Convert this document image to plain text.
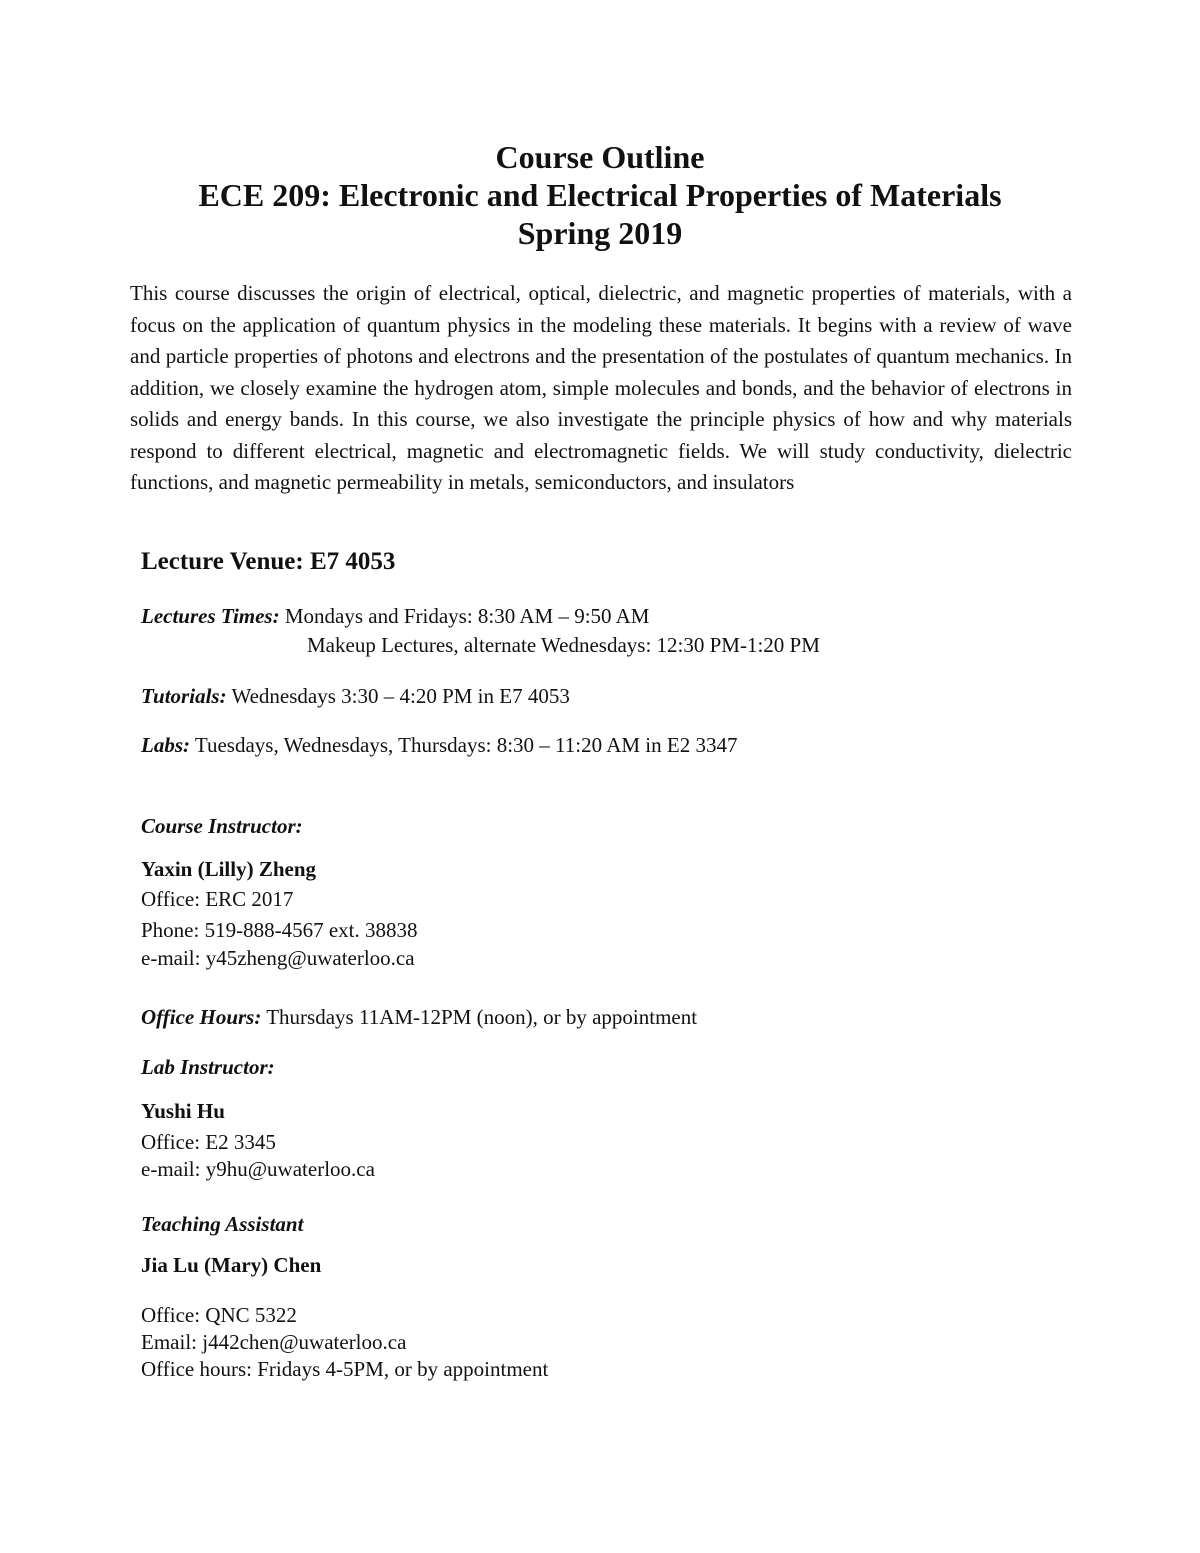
Course Outline
ECE 209: Electronic and Electrical Properties of Materials
Spring 2019
This course discusses the origin of electrical, optical, dielectric, and magnetic properties of materials, with a focus on the application of quantum physics in the modeling these materials. It begins with a review of wave and particle properties of photons and electrons and the presentation of the postulates of quantum mechanics. In addition, we closely examine the hydrogen atom, simple molecules and bonds, and the behavior of electrons in solids and energy bands. In this course, we also investigate the principle physics of how and why materials respond to different electrical, magnetic and electromagnetic fields. We will study conductivity, dielectric functions, and magnetic permeability in metals, semiconductors, and insulators
Lecture Venue: E7 4053
Lectures Times: Mondays and Fridays: 8:30 AM – 9:50 AM
Makeup Lectures, alternate Wednesdays: 12:30 PM-1:20 PM
Tutorials: Wednesdays 3:30 – 4:20 PM in E7 4053
Labs: Tuesdays, Wednesdays, Thursdays: 8:30 – 11:20 AM in E2 3347
Course Instructor:
Yaxin (Lilly) Zheng
Office: ERC 2017
Phone: 519-888-4567 ext. 38838
e-mail: y45zheng@uwaterloo.ca
Office Hours: Thursdays 11AM-12PM (noon), or by appointment
Lab Instructor:
Yushi Hu
Office: E2 3345
e-mail: y9hu@uwaterloo.ca
Teaching Assistant
Jia Lu (Mary) Chen
Office: QNC 5322
Email: j442chen@uwaterloo.ca
Office hours: Fridays 4-5PM, or by appointment
